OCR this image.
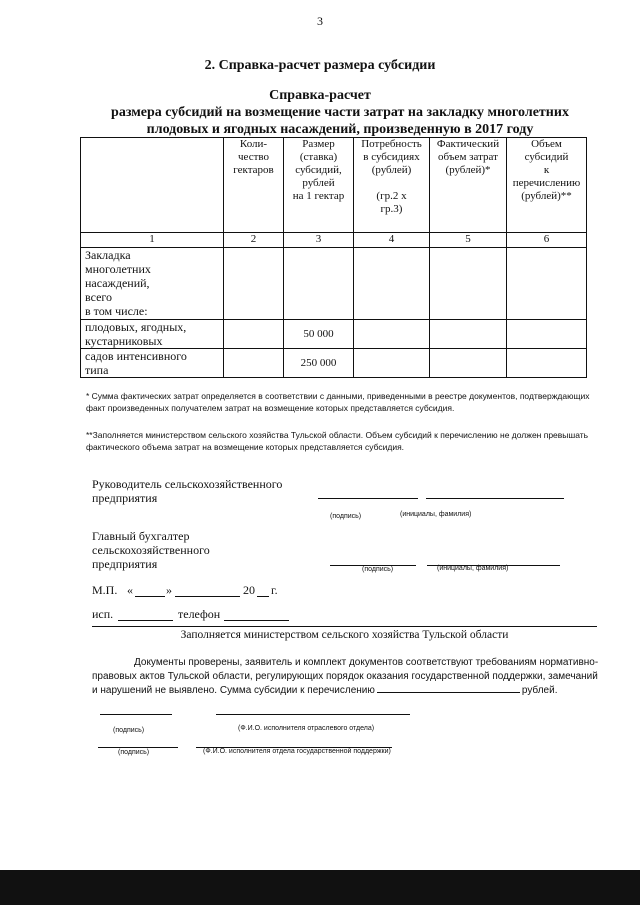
3
2. Справка-расчет размера субсидии
Справка-расчет
размера субсидий на возмещение части затрат на закладку многолетних
плодовых и ягодных насаждений, произведенную в 2017 году
	Коли-
чество
гектаров	Размер
(ставка)
субсидий,
рублей
на 1 гектар	Потребность
в субсидиях
(рублей)

(гр.2 х
гр.3)	Фактический
объем затрат
(рублей)*	Объем
субсидий
к
перечислению
(рублей)**
1	2	3	4	5	6
Закладка
многолетних
насаждений,
всего
в том числе:					
плодовых, ягодных,
кустарниковых		50 000			
садов интенсивного
типа		250 000			
* Сумма фактических затрат определяется в соответствии с данными, приведенными в реестре документов, подтверждающих факт произведенных получателем затрат на возмещение которых представляется субсидия.
**Заполняется министерством сельского хозяйства Тульской области. Объем субсидий к перечислению не должен превышать фактического объема затрат на возмещение которых представляется субсидия.
Руководитель сельскохозяйственного
предприятия
(подпись)	(инициалы, фамилия)
Главный бухгалтер
сельскохозяйственного
предприятия	(подпись)	(инициалы, фамилия)
М.П. «	»	20 г.
исп.	телефон
Заполняется министерством сельского хозяйства Тульской области
Документы проверены, заявитель и комплект документов соответствуют требованиям нормативно-
правовых актов Тульской области, регулирующих порядок оказания государственной поддержки, замечаний
и нарушений не выявлено. Сумма субсидии к перечислению	рублей.
(подпись)	(Ф.И.О. исполнителя отраслевого отдела)
(подпись)	(Ф.И.О. исполнителя отдела государственной поддержки)
